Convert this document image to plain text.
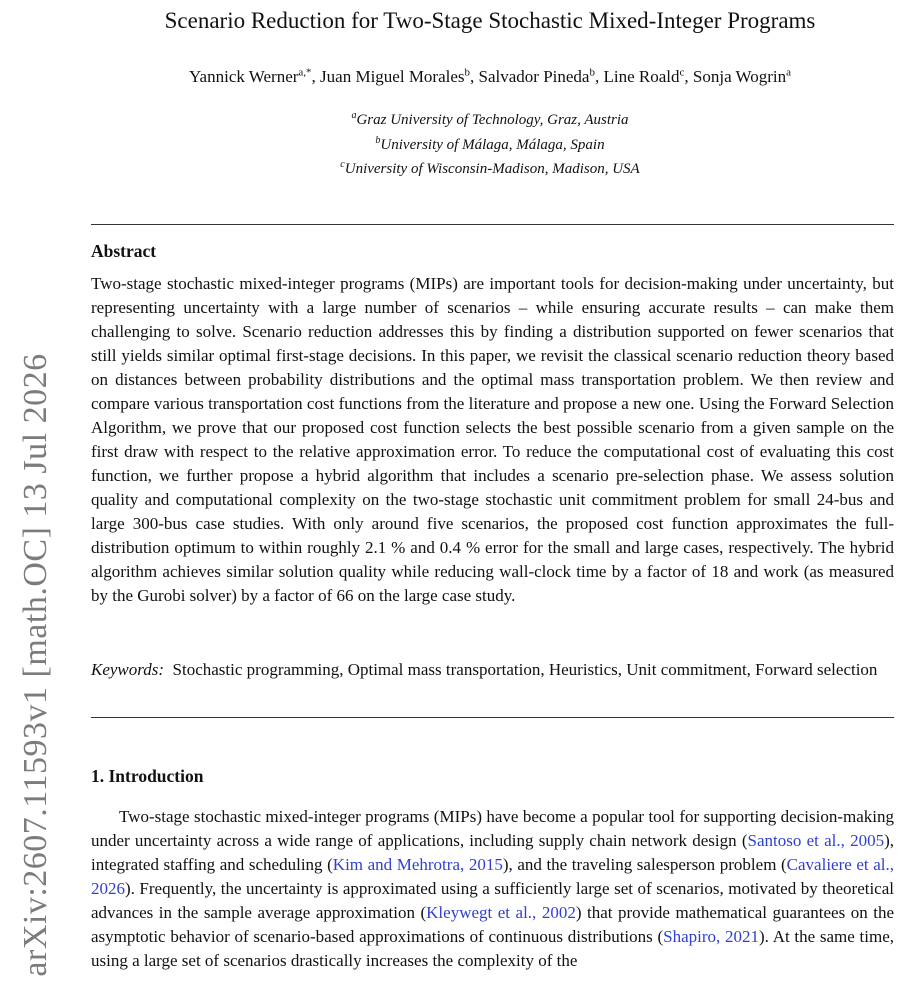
arXiv:2607.11593v1 [math.OC] 13 Jul 2026
Scenario Reduction for Two-Stage Stochastic Mixed-Integer Programs
Yannick Werner$^{a,*}$, Juan Miguel Morales$^b$, Salvador Pineda$^b$, Line Roald$^c$, Sonja Wogrin$^a$
$^a$Graz University of Technology, Graz, Austria
$^b$University of Málaga, Málaga, Spain
$^c$University of Wisconsin-Madison, Madison, USA
Abstract
Two-stage stochastic mixed-integer programs (MIPs) are important tools for decision-making under uncertainty, but representing uncertainty with a large number of scenarios – while ensuring accurate results – can make them challenging to solve. Scenario reduction addresses this by finding a distribution supported on fewer scenarios that still yields similar optimal first-stage decisions. In this paper, we revisit the classical scenario reduction theory based on distances between probability distributions and the optimal mass transportation problem. We then review and compare various transportation cost functions from the literature and propose a new one. Using the Forward Selection Algorithm, we prove that our proposed cost function selects the best possible scenario from a given sample on the first draw with respect to the relative approximation error. To reduce the computational cost of evaluating this cost function, we further propose a hybrid algorithm that includes a scenario pre-selection phase. We assess solution quality and computational complexity on the two-stage stochastic unit commitment problem for small 24-bus and large 300-bus case studies. With only around five scenarios, the proposed cost function approximates the full-distribution optimum to within roughly 2.1 % and 0.4 % error for the small and large cases, respectively. The hybrid algorithm achieves similar solution quality while reducing wall-clock time by a factor of 18 and work (as measured by the Gurobi solver) by a factor of 66 on the large case study.
Keywords: Stochastic programming, Optimal mass transportation, Heuristics, Unit commitment, Forward selection
1. Introduction
Two-stage stochastic mixed-integer programs (MIPs) have become a popular tool for supporting decision-making under uncertainty across a wide range of applications, including supply chain network design (Santoso et al., 2005), integrated staffing and scheduling (Kim and Mehrotra, 2015), and the traveling salesperson problem (Cavaliere et al., 2026). Frequently, the uncertainty is approximated using a sufficiently large set of scenarios, motivated by theoretical advances in the sample average approximation (Kleywegt et al., 2002) that provide mathematical guarantees on the asymptotic behavior of scenario-based approximations of continuous distributions (Shapiro, 2021). At the same time, using a large set of scenarios drastically increases the complexity of the
